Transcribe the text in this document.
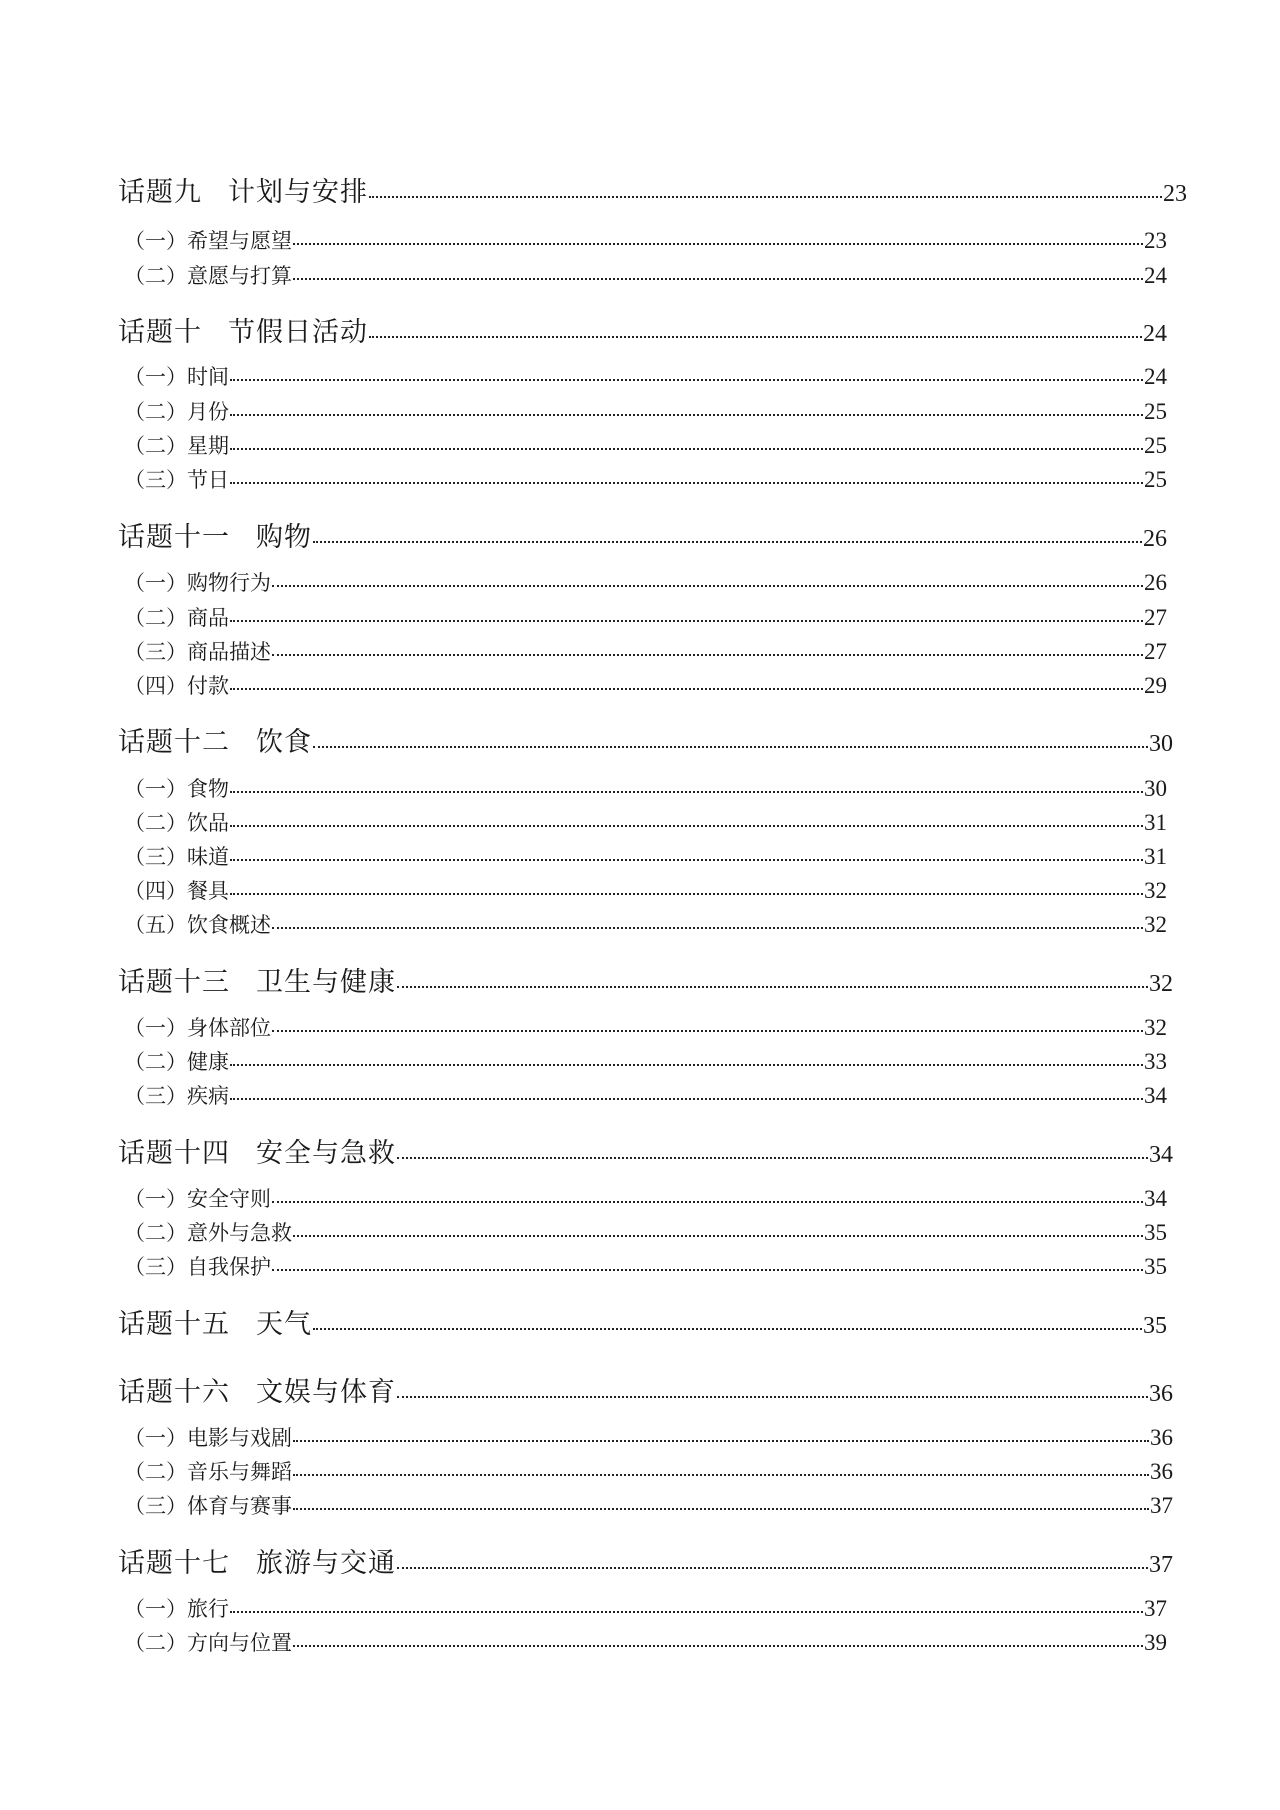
话题九 计划与安排	23
（一）希望与愿望	23
（二）意愿与打算	24
话题十 节假日活动	24
（一）时间	24
（二）月份	25
（二）星期	25
（三）节日	25
话题十一 购物	26
（一）购物行为	26
（二）商品	27
（三）商品描述	27
（四）付款	29
话题十二 饮食	30
（一）食物	30
（二）饮品	31
（三）味道	31
（四）餐具	32
（五）饮食概述	32
话题十三 卫生与健康	32
（一）身体部位	32
（二）健康	33
（三）疾病	34
话题十四 安全与急救	34
（一）安全守则	34
（二）意外与急救	35
（三）自我保护	35
话题十五 天气	35
话题十六 文娱与体育	36
（一）电影与戏剧	36
（二）音乐与舞蹈	36
（三）体育与赛事	37
话题十七 旅游与交通	37
（一）旅行	37
（二）方向与位置	39
